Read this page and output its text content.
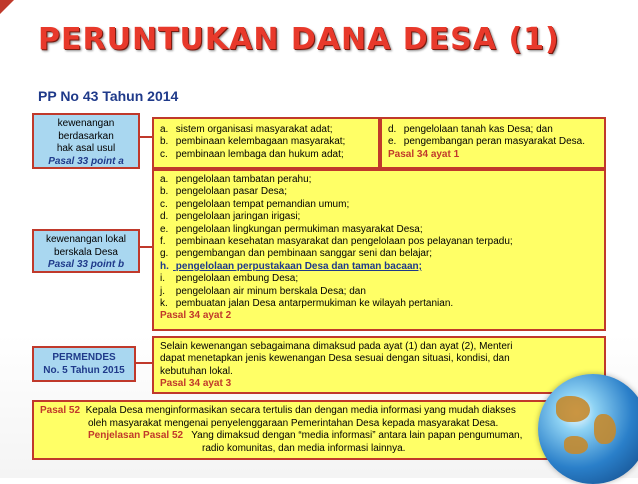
PERUNTUKAN DANA DESA (1)
PP No 43 Tahun 2014
kewenangan
berdasarkan
hak asal usul
Pasal 33 point a
kewenangan lokal
berskala Desa
Pasal 33 point b
PERMENDES
No. 5 Tahun 2015
a. sistem organisasi masyarakat adat;
b. pembinaan kelembagaan masyarakat;
c. pembinaan lembaga dan hukum adat;
d. pengelolaan tanah kas Desa; dan
e. pengembangan peran masyarakat Desa.
Pasal 34 ayat 1
a. pengelolaan tambatan perahu;
b. pengelolaan pasar Desa;
c. pengelolaan tempat pemandian umum;
d. pengelolaan jaringan irigasi;
e. pengelolaan lingkungan permukiman masyarakat Desa;
f. pembinaan kesehatan masyarakat dan pengelolaan pos pelayanan terpadu;
g. pengembangan dan pembinaan sanggar seni dan belajar;
h. pengelolaan perpustakaan Desa dan taman bacaan;
i. pengelolaan embung Desa;
j. pengelolaan air minum berskala Desa; dan
k. pembuatan jalan Desa antarpermukiman ke wilayah pertanian.
Pasal 34 ayat 2
Selain kewenangan sebagaimana dimaksud pada ayat (1) dan ayat (2), Menteri
dapat menetapkan jenis kewenangan Desa sesuai dengan situasi, kondisi, dan
kebutuhan lokal.
Pasal 34 ayat 3
Pasal 52 Kepala Desa menginformasikan secara tertulis dan dengan media informasi yang mudah diakses
oleh masyarakat mengenai penyelenggaraan Pemerintahan Desa kepada masyarakat Desa.
Penjelasan Pasal 52 Yang dimaksud dengan “media informasi” antara lain papan pengumuman,
radio komunitas, dan media informasi lainnya.
